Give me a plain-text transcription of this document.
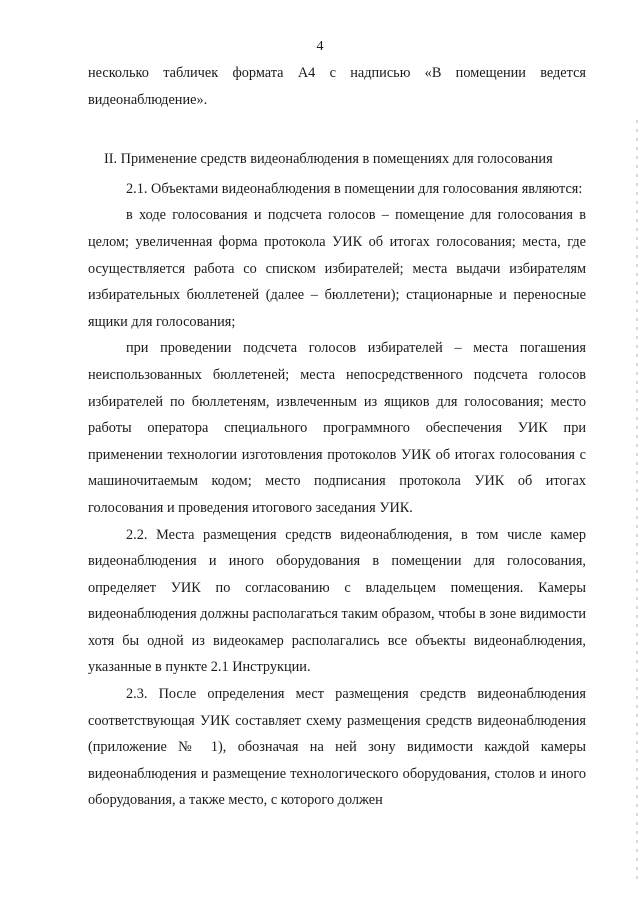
4

несколько табличек формата А4 с надписью «В помещении ведется видеонаблюдение».

II. Применение средств видеонаблюдения в помещениях для голосования

2.1. Объектами видеонаблюдения в помещении для голосования являются:

в ходе голосования и подсчета голосов – помещение для голосования в целом; увеличенная форма протокола УИК об итогах голосования; места, где осуществляется работа со списком избирателей; места выдачи избирателям избирательных бюллетеней (далее – бюллетени); стационарные и переносные ящики для голосования;

при проведении подсчета голосов избирателей – места погашения неиспользованных бюллетеней; места непосредственного подсчета голосов избирателей по бюллетеням, извлеченным из ящиков для голосования; место работы оператора специального программного обеспечения УИК при применении технологии изготовления протоколов УИК об итогах голосования с машиночитаемым кодом; место подписания протокола УИК об итогах голосования и проведения итогового заседания УИК.

2.2. Места размещения средств видеонаблюдения, в том числе камер видеонаблюдения и иного оборудования в помещении для голосования, определяет УИК по согласованию с владельцем помещения. Камеры видеонаблюдения должны располагаться таким образом, чтобы в зоне видимости хотя бы одной из видеокамер располагались все объекты видеонаблюдения, указанные в пункте 2.1 Инструкции.

2.3. После определения мест размещения средств видеонаблюдения соответствующая УИК составляет схему размещения средств видеонаблюдения (приложение № 1), обозначая на ней зону видимости каждой камеры видеонаблюдения и размещение технологического оборудования, столов и иного оборудования, а также место, с которого должен
